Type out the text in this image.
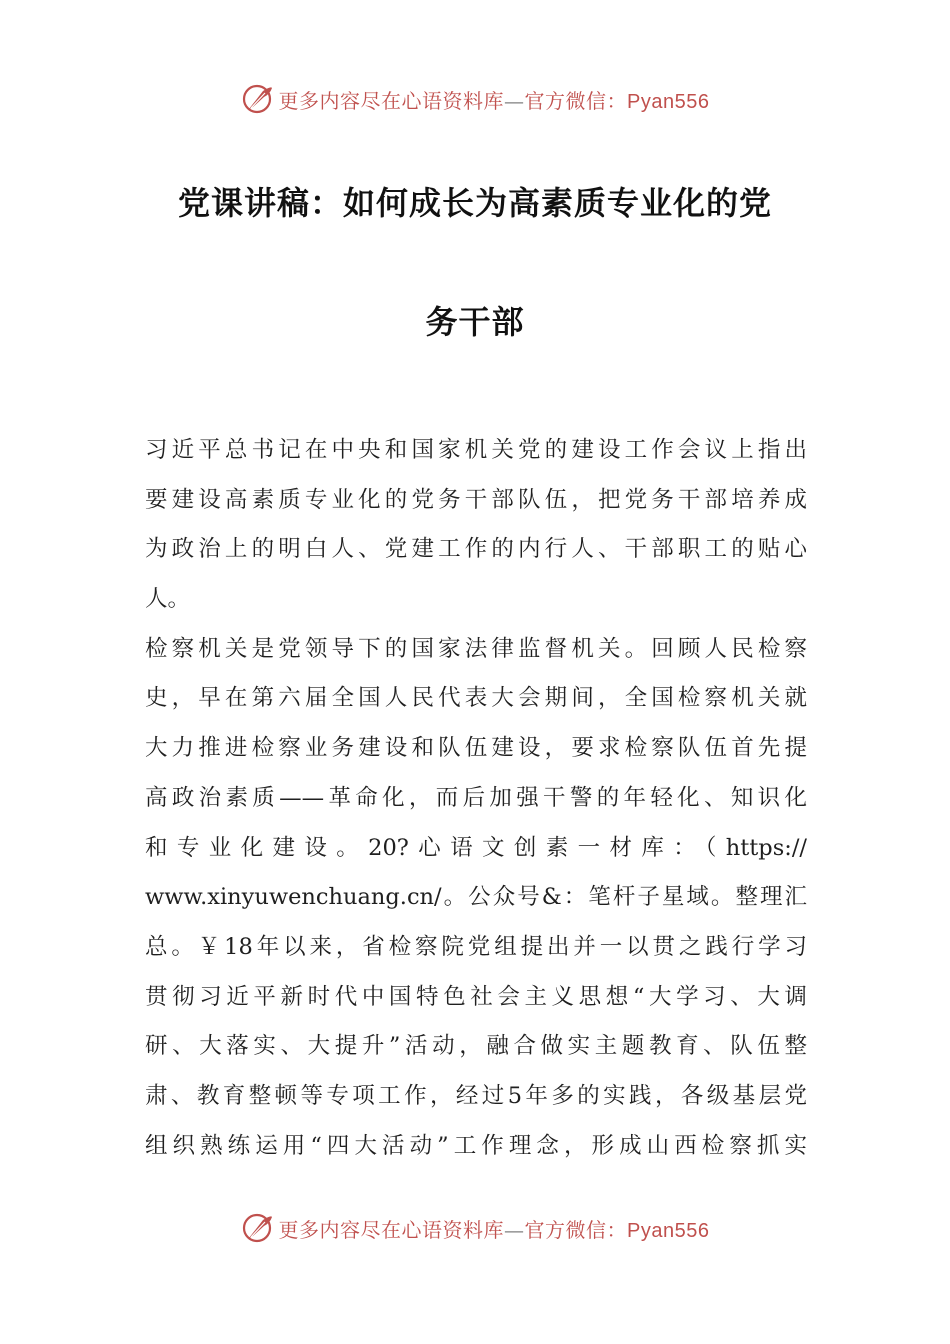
更多内容尽在心语资料库—官方微信：Pyan556
党课讲稿：如何成长为高素质专业化的党
务干部
习近平总书记在中央和国家机关党的建设工作会议上指出
要建设高素质专业化的党务干部队伍，把党务干部培养成
为政治上的明白人、党建工作的内行人、干部职工的贴心
人。
检察机关是党领导下的国家法律监督机关。回顾人民检察
史，早在第六届全国人民代表大会期间，全国检察机关就
大力推进检察业务建设和队伍建设，要求检察队伍首先提
高政治素质——革命化，而后加强干警的年轻化、知识化
和专业化建设。20?心语文创素一材库：（https://
www.xinyuwenchuang.cn/。公众号&：笔杆子星域。整理汇
总。￥18年以来，省检察院党组提出并一以贯之践行学习
贯彻习近平新时代中国特色社会主义思想“大学习、大调
研、大落实、大提升”活动，融合做实主题教育、队伍整
肃、教育整顿等专项工作，经过5年多的实践，各级基层党
组织熟练运用“四大活动”工作理念，形成山西检察抓实
更多内容尽在心语资料库—官方微信：Pyan556
